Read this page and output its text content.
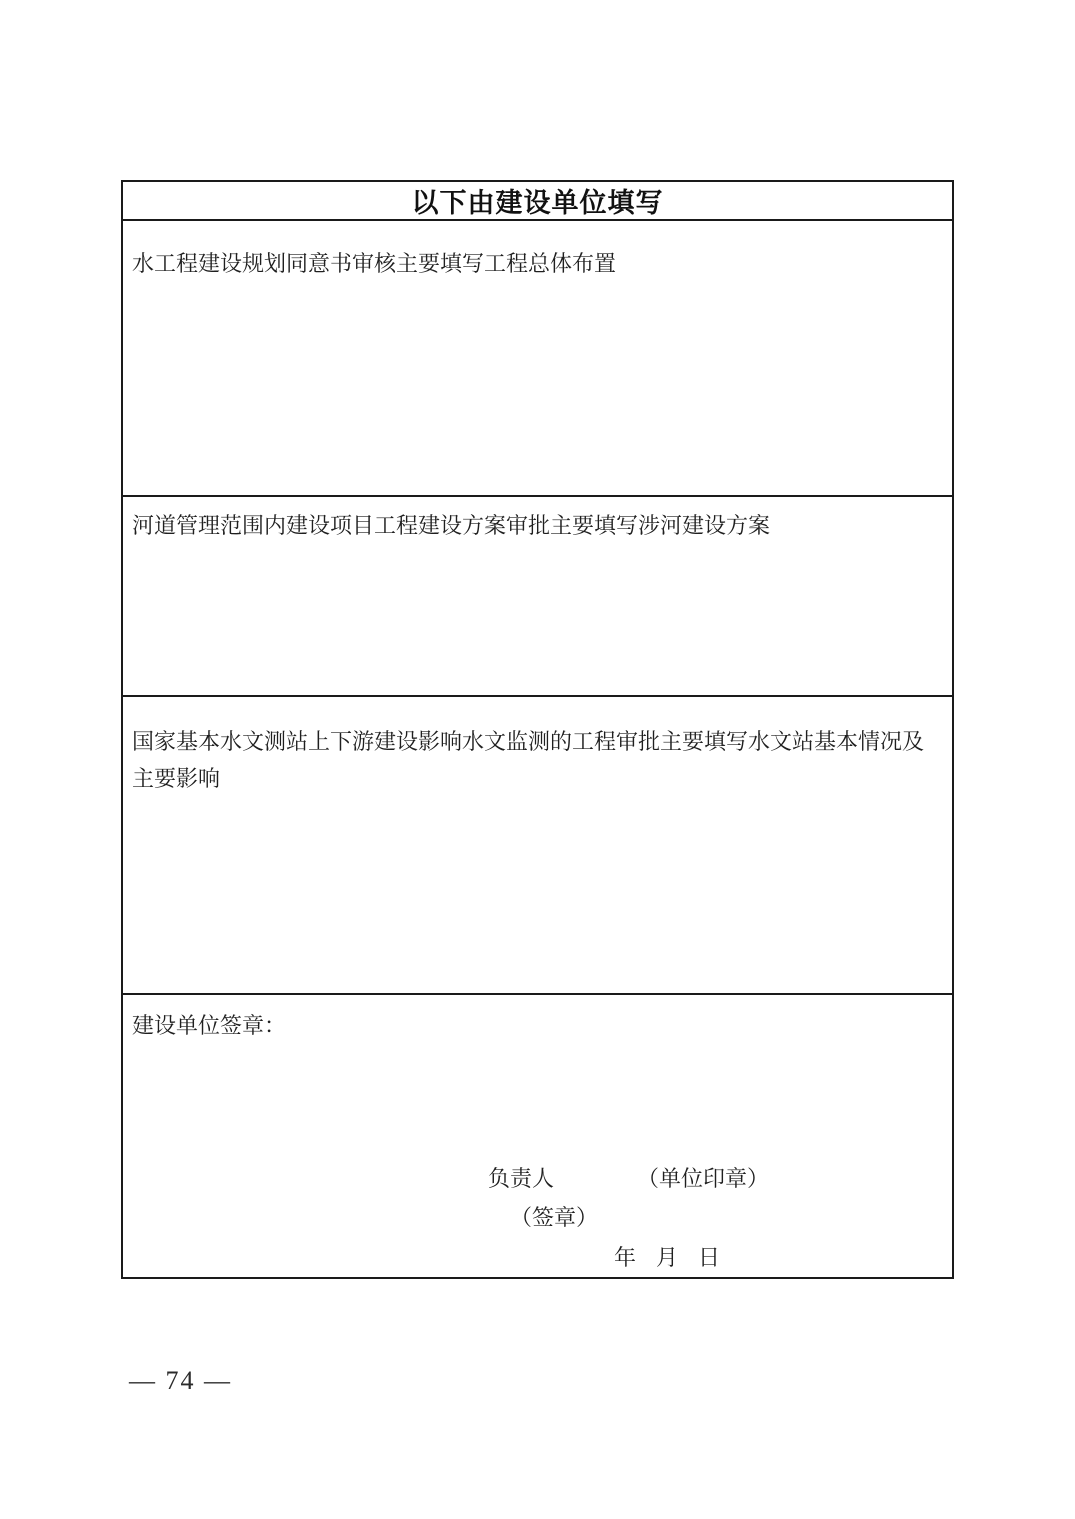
以下由建设单位填写
水工程建设规划同意书审核主要填写工程总体布置
河道管理范围内建设项目工程建设方案审批主要填写涉河建设方案
国家基本水文测站上下游建设影响水文监测的工程审批主要填写水文站基本情况及主要影响
建设单位签章：
负责人	（单位印章）
（签章）
年 月 日
— 74 —
